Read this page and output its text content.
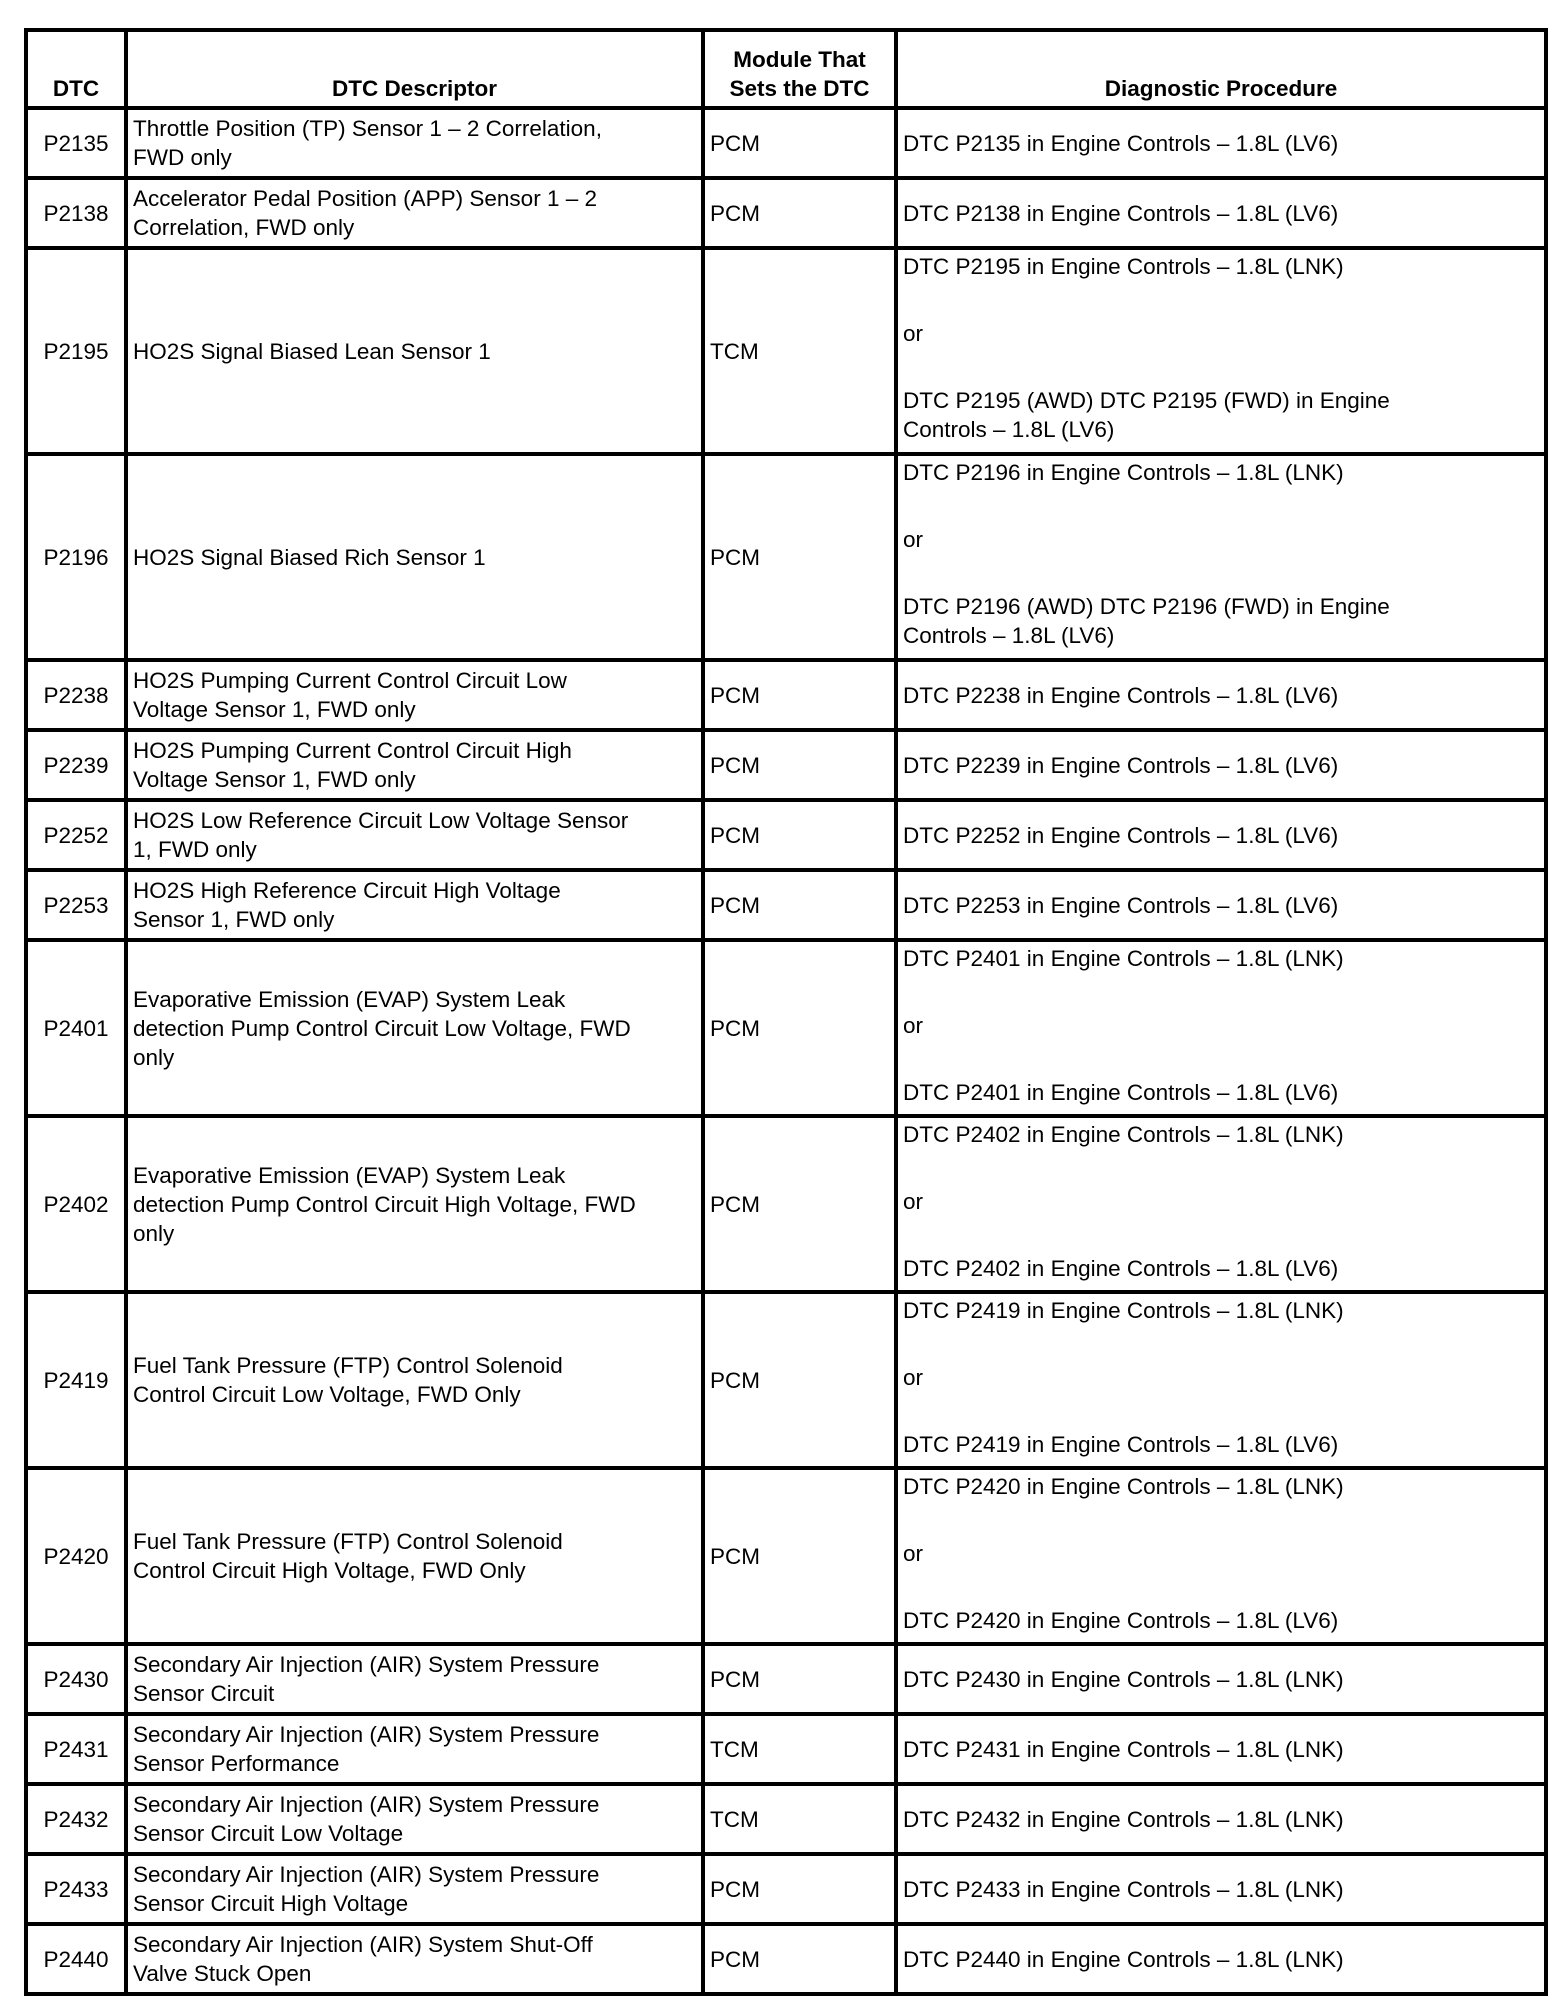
DTC	DTC Descriptor	Module That
Sets the DTC	Diagnostic Procedure
P2135	Throttle Position (TP) Sensor 1 – 2 Correlation,
FWD only	PCM	DTC P2135 in Engine Controls – 1.8L (LV6)

P2138	Accelerator Pedal Position (APP) Sensor 1 – 2
Correlation, FWD only	PCM	DTC P2138 in Engine Controls – 1.8L (LV6)

P2195	HO2S Signal Biased Lean Sensor 1	TCM	DTC P2195 in Engine Controls – 1.8L (LNK)
or
DTC P2195 (AWD) DTC P2195 (FWD) in Engine
Controls – 1.8L (LV6)

P2196	HO2S Signal Biased Rich Sensor 1	PCM	DTC P2196 in Engine Controls – 1.8L (LNK)
or
DTC P2196 (AWD) DTC P2196 (FWD) in Engine
Controls – 1.8L (LV6)

P2238	HO2S Pumping Current Control Circuit Low
Voltage Sensor 1, FWD only	PCM	DTC P2238 in Engine Controls – 1.8L (LV6)

P2239	HO2S Pumping Current Control Circuit High
Voltage Sensor 1, FWD only	PCM	DTC P2239 in Engine Controls – 1.8L (LV6)

P2252	HO2S Low Reference Circuit Low Voltage Sensor
1, FWD only	PCM	DTC P2252 in Engine Controls – 1.8L (LV6)

P2253	HO2S High Reference Circuit High Voltage
Sensor 1, FWD only	PCM	DTC P2253 in Engine Controls – 1.8L (LV6)

P2401	Evaporative Emission (EVAP) System Leak
detection Pump Control Circuit Low Voltage, FWD
only	PCM	DTC P2401 in Engine Controls – 1.8L (LNK)
or
DTC P2401 in Engine Controls – 1.8L (LV6)

P2402	Evaporative Emission (EVAP) System Leak
detection Pump Control Circuit High Voltage, FWD
only	PCM	DTC P2402 in Engine Controls – 1.8L (LNK)
or
DTC P2402 in Engine Controls – 1.8L (LV6)

P2419	Fuel Tank Pressure (FTP) Control Solenoid
Control Circuit Low Voltage, FWD Only	PCM	DTC P2419 in Engine Controls – 1.8L (LNK)
or
DTC P2419 in Engine Controls – 1.8L (LV6)

P2420	Fuel Tank Pressure (FTP) Control Solenoid
Control Circuit High Voltage, FWD Only	PCM	DTC P2420 in Engine Controls – 1.8L (LNK)
or
DTC P2420 in Engine Controls – 1.8L (LV6)

P2430	Secondary Air Injection (AIR) System Pressure
Sensor Circuit	PCM	DTC P2430 in Engine Controls – 1.8L (LNK)

P2431	Secondary Air Injection (AIR) System Pressure
Sensor Performance	TCM	DTC P2431 in Engine Controls – 1.8L (LNK)

P2432	Secondary Air Injection (AIR) System Pressure
Sensor Circuit Low Voltage	TCM	DTC P2432 in Engine Controls – 1.8L (LNK)

P2433	Secondary Air Injection (AIR) System Pressure
Sensor Circuit High Voltage	PCM	DTC P2433 in Engine Controls – 1.8L (LNK)

P2440	Secondary Air Injection (AIR) System Shut-Off
Valve Stuck Open	PCM	DTC P2440 in Engine Controls – 1.8L (LNK)
